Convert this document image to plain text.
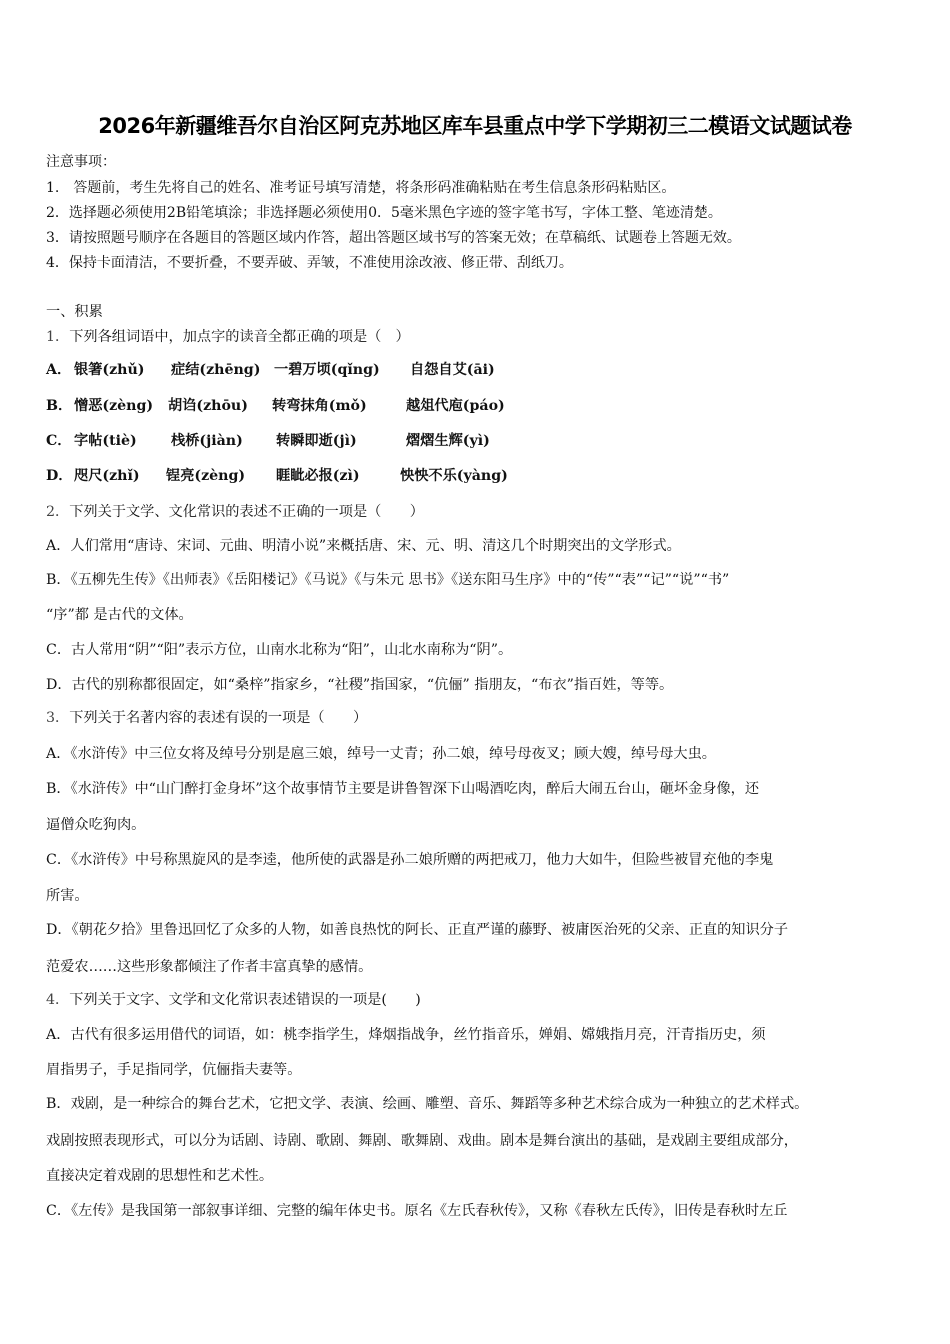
2026年新疆维吾尔自治区阿克苏地区库车县重点中学下学期初三二模语文试题试卷
注意事项：
1.　答题前，考生先将自己的姓名、准考证号填写清楚，将条形码准确粘贴在考生信息条形码粘贴区。
2．选择题必须使用2B铅笔填涂；非选择题必须使用0．5毫米黑色字迹的签字笔书写，字体工整、笔迹清楚。
3．请按照题号顺序在各题目的答题区域内作答，超出答题区域书写的答案无效；在草稿纸、试题卷上答题无效。
4．保持卡面清洁，不要折叠，不要弄破、弄皱，不准使用涂改液、修正带、刮纸刀。
一、积累
1．下列各组词语中，加点字的读音全都正确的项是（　）
A． 银箸(zhǔ) 症结(zhēng) 一碧万顷(qǐng) 自怨自艾(āi)
B． 憎恶(zèng) 胡诌(zhōu) 转弯抹角(mǒ)	越俎代庖(páo)
C． 字帖(tiè) 栈桥(jiàn) 转瞬即逝(jì)	熠熠生辉(yì)
D． 咫尺(zhǐ) 锃亮(zèng) 睚眦必报(zì)	怏怏不乐(yàng)
2．下列关于文学、文化常识的表述不正确的一项是（　　）
A．人们常用“唐诗、宋词、元曲、明清小说”来概括唐、宋、元、明、清这几个时期突出的文学形式。
B．《五柳先生传》《出师表》《岳阳楼记》《马说》《与朱元 思书》《送东阳马生序》中的“传”“表”“记”“说”“书”
“序”都 是古代的文体。
C．古人常用“阴”“阳”表示方位，山南水北称为“阳”，山北水南称为“阴”。
D．古代的别称都很固定，如“桑梓”指家乡，“社稷”指国家，“伉俪” 指朋友，“布衣”指百姓，等等。
3．下列关于名著内容的表述有误的一项是（　　）
A．《水浒传》中三位女将及绰号分别是扈三娘，绰号一丈青；孙二娘，绰号母夜叉；顾大嫂，绰号母大虫。
B．《水浒传》中“山门醉打金身坏”这个故事情节主要是讲鲁智深下山喝酒吃肉，醉后大闹五台山，砸坏金身像，还
逼僧众吃狗肉。
C．《水浒传》中号称黑旋风的是李逵，他所使的武器是孙二娘所赠的两把戒刀，他力大如牛，但险些被冒充他的李鬼
所害。
D．《朝花夕拾》里鲁迅回忆了众多的人物，如善良热忱的阿长、正直严谨的藤野、被庸医治死的父亲、正直的知识分子
范爱农……这些形象都倾注了作者丰富真挚的感情。
4．下列关于文字、文学和文化常识表述错误的一项是(　　)
A．古代有很多运用借代的词语，如：桃李指学生，烽烟指战争，丝竹指音乐，婵娟、嫦娥指月亮，汗青指历史，须
眉指男子，手足指同学，伉俪指夫妻等。
B．戏剧，是一种综合的舞台艺术，它把文学、表演、绘画、雕塑、音乐、舞蹈等多种艺术综合成为一种独立的艺术样式。
戏剧按照表现形式，可以分为话剧、诗剧、歌剧、舞剧、歌舞剧、戏曲。剧本是舞台演出的基础，是戏剧主要组成部分，
直接决定着戏剧的思想性和艺术性。
C．《左传》是我国第一部叙事详细、完整的编年体史书。原名《左氏春秋传》，又称《春秋左氏传》，旧传是春秋时左丘
